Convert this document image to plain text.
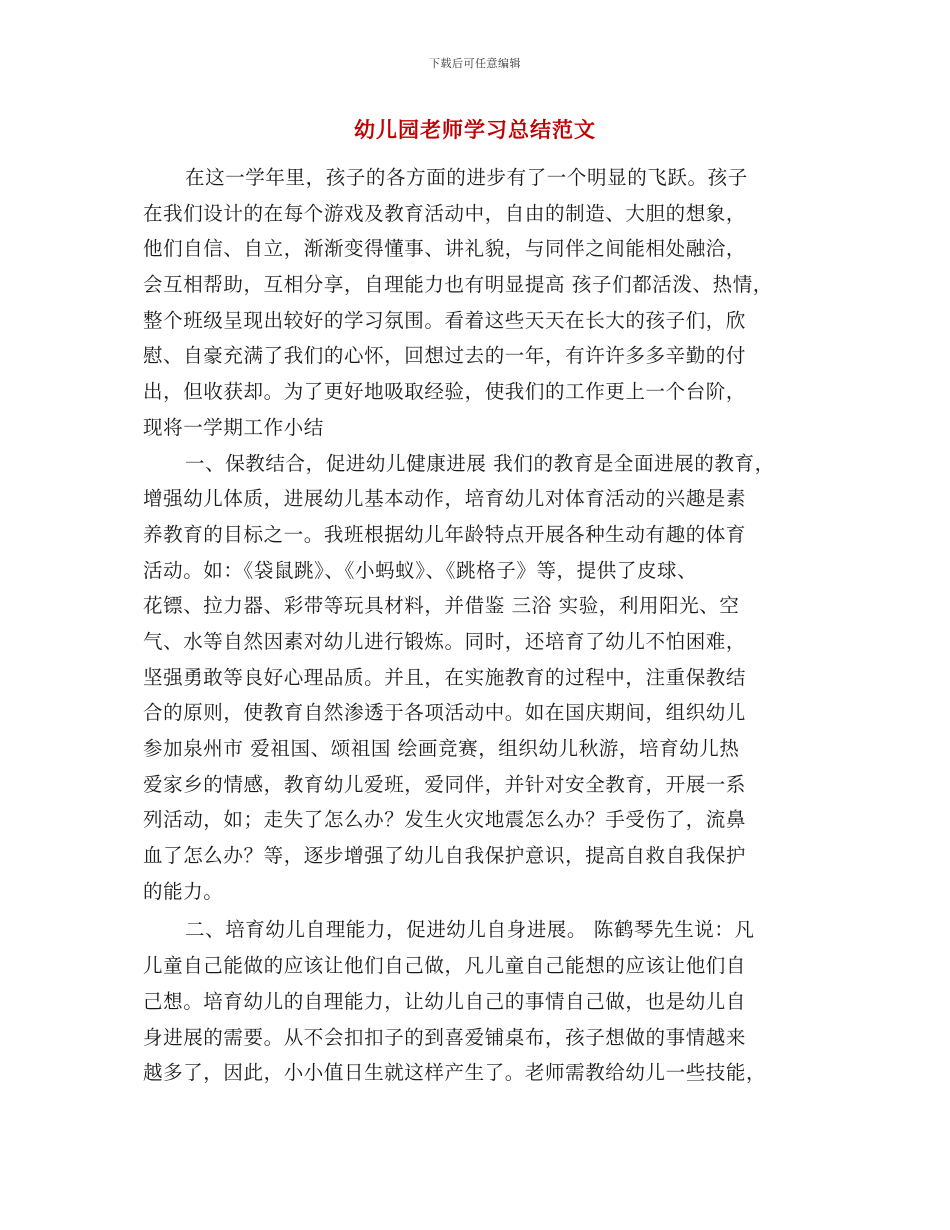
下载后可任意编辑
幼儿园老师学习总结范文
在这一学年里，孩子的各方面的进步有了一个明显的飞跃。孩子
在我们设计的在每个游戏及教育活动中，自由的制造、大胆的想象，
他们自信、自立，渐渐变得懂事、讲礼貌，与同伴之间能相处融洽，
会互相帮助，互相分享，自理能力也有明显提高 孩子们都活泼、热情，
整个班级呈现出较好的学习氛围。看着这些天天在长大的孩子们，欣
慰、自豪充满了我们的心怀，回想过去的一年，有许许多多辛勤的付
出，但收获却。为了更好地吸取经验，使我们的工作更上一个台阶，
现将一学期工作小结
一、保教结合，促进幼儿健康进展 我们的教育是全面进展的教育，
增强幼儿体质，进展幼儿基本动作，培育幼儿对体育活动的兴趣是素
养教育的目标之一。我班根据幼儿年龄特点开展各种生动有趣的体育
活动。如：《袋鼠跳》、《小蚂蚁》、《跳格子》等，提供了皮球、
花镖、拉力器、彩带等玩具材料，并借鉴 三浴 实验，利用阳光、空
气、水等自然因素对幼儿进行锻炼。同时，还培育了幼儿不怕困难，
坚强勇敢等良好心理品质。并且，在实施教育的过程中，注重保教结
合的原则，使教育自然渗透于各项活动中。如在国庆期间，组织幼儿
参加泉州市 爱祖国、颂祖国 绘画竞赛，组织幼儿秋游，培育幼儿热
爱家乡的情感，教育幼儿爱班，爱同伴，并针对安全教育，开展一系
列活动，如；走失了怎么办？发生火灾地震怎么办？手受伤了，流鼻
血了怎么办？等，逐步增强了幼儿自我保护意识，提高自救自我保护
的能力。
二、培育幼儿自理能力，促进幼儿自身进展。 陈鹤琴先生说：凡
儿童自己能做的应该让他们自己做，凡儿童自己能想的应该让他们自
己想。培育幼儿的自理能力，让幼儿自己的事情自己做，也是幼儿自
身进展的需要。从不会扣扣子的到喜爱铺桌布，孩子想做的事情越来
越多了，因此，小小值日生就这样产生了。老师需教给幼儿一些技能，
